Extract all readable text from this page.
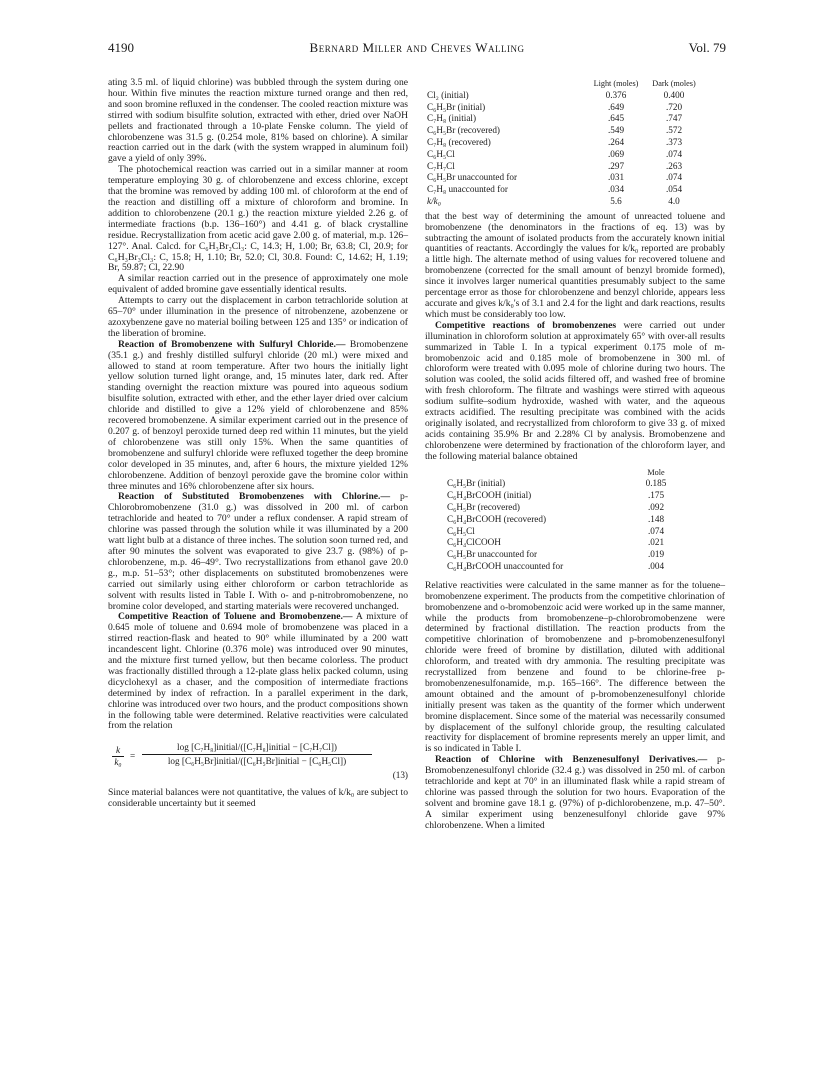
4190	Bernard Miller and Cheves Walling	Vol. 79

ating 3.5 ml. of liquid chlorine) was bubbled through the system during one hour. Within five minutes the reaction mixture turned orange and then red, and soon bromine refluxed in the condenser. The cooled reaction mixture was stirred with sodium bisulfite solution, extracted with ether, dried over NaOH pellets and fractionated through a 10-plate Fenske column. The yield of chlorobenzene was 31.5 g. (0.254 mole, 81% based on chlorine). A similar reaction carried out in the dark (with the system wrapped in aluminum foil) gave a yield of only 39%.

The photochemical reaction was carried out in a similar manner at room temperature employing 30 g. of chlorobenzene and excess chlorine, except that the bromine was removed by adding 100 ml. of chloroform at the end of the reaction and distilling off a mixture of chloroform and bromine. In addition to chlorobenzene (20.1 g.) the reaction mixture yielded 2.26 g. of intermediate fractions (b.p. 136–160°) and 4.41 g. of black crystalline residue. Recrystallization from acetic acid gave 2.00 g. of material, m.p. 126–127°. Anal. Calcd. for C₆H₃Br₂Cl₃: C, 14.3; H, 1.00; Br, 63.8; Cl, 20.9; for C₆H₃Br₃Cl₃: C, 15.8; H, 1.10; Br, 52.0; Cl, 30.8. Found: C, 14.62; H, 1.19; Br, 59.87; Cl, 22.90

A similar reaction carried out in the presence of approximately one mole equivalent of added bromine gave essentially identical results.

Attempts to carry out the displacement in carbon tetrachloride solution at 65–70° under illumination in the presence of nitrobenzene, azobenzene or azoxybenzene gave no material boiling between 125 and 135° or indication of the liberation of bromine.

Reaction of Bromobenzene with Sulfuryl Chloride.— Bromobenzene (35.1 g.) and freshly distilled sulfuryl chloride (20 ml.) were mixed and allowed to stand at room temperature. After two hours the initially light yellow solution turned light orange, and, 15 minutes later, dark red. After standing overnight the reaction mixture was poured into aqueous sodium bisulfite solution, extracted with ether, and the ether layer dried over calcium chloride and distilled to give a 12% yield of chlorobenzene and 85% recovered bromobenzene. A similar experiment carried out in the presence of 0.207 g. of benzoyl peroxide turned deep red within 11 minutes, but the yield of chlorobenzene was still only 15%. When the same quantities of bromobenzene and sulfuryl chloride were refluxed together the deep bromine color developed in 35 minutes, and, after 6 hours, the mixture yielded 12% chlorobenzene. Addition of benzoyl peroxide gave the bromine color within three minutes and 16% chlorobenzene after six hours.

Reaction of Substituted Bromobenzenes with Chlorine.— p-Chlorobromobenzene (31.0 g.) was dissolved in 200 ml. of carbon tetrachloride and heated to 70° under a reflux condenser. A rapid stream of chlorine was passed through the solution while it was illuminated by a 200 watt light bulb at a distance of three inches. The solution soon turned red, and after 90 minutes the solvent was evaporated to give 23.7 g. (98%) of p-chlorobenzene, m.p. 46–49°. Two recrystallizations from ethanol gave 20.0 g., m.p. 51–53°; other displacements on substituted bromobenzenes were carried out similarly using either chloroform or carbon tetrachloride as solvent with results listed in Table I. With o- and p-nitrobromobenzene, no bromine color developed, and starting materials were recovered unchanged.

Competitive Reaction of Toluene and Bromobenzene.— A mixture of 0.645 mole of toluene and 0.694 mole of bromobenzene was placed in a stirred reaction-flask and heated to 90° while illuminated by a 200 watt incandescent light. Chlorine (0.376 mole) was introduced over 90 minutes, and the mixture first turned yellow, but then became colorless. The product was fractionally distilled through a 12-plate glass helix packed column, using dicyclohexyl as a chaser, and the composition of intermediate fractions determined by index of refraction. In a parallel experiment in the dark, chlorine was introduced over two hours, and the product compositions shown in the following table were determined. Relative reactivities were calculated from the relation

k
k₀
=
log [C₇H₈]initial/([C₇H₈]initial − [C₇H₇Cl])
log [C₆H₅Br]initial/([C₆H₅Br]initial − [C₆H₅Cl])
(13)

Since material balances were not quantitative, the values of k/k₀ are subject to considerable uncertainty but it seemed

	Light (moles)	Dark (moles)
Cl₂ (initial)	0.376	0.400
C₆H₅Br (initial)	.649	.720
C₇H₈ (initial)	.645	.747
C₆H₅Br (recovered)	.549	.572
C₇H₈ (recovered)	.264	.373
C₆H₅Cl	.069	.074
C₇H₇Cl	.297	.263
C₆H₅Br unaccounted for	.031	.074
C₇H₈ unaccounted for	.034	.054
k/k₀	5.6	4.0

that the best way of determining the amount of unreacted toluene and bromobenzene (the denominators in the fractions of eq. 13) was by subtracting the amount of isolated products from the accurately known initial quantities of reactants. Accordingly the values for k/k₀ reported are probably a little high. The alternate method of using values for recovered toluene and bromobenzene (corrected for the small amount of benzyl bromide formed), since it involves larger numerical quantities presumably subject to the same percentage error as those for chlorobenzene and benzyl chloride, appears less accurate and gives k/k₀'s of 3.1 and 2.4 for the light and dark reactions, results which must be considerably too low.

Competitive reactions of bromobenzenes were carried out under illumination in chloroform solution at approximately 65° with over-all results summarized in Table I. In a typical experiment 0.175 mole of m-bromobenzoic acid and 0.185 mole of bromobenzene in 300 ml. of chloroform were treated with 0.095 mole of chlorine during two hours. The solution was cooled, the solid acids filtered off, and washed free of bromine with fresh chloroform. The filtrate and washings were stirred with aqueous sodium sulfite–sodium hydroxide, washed with water, and the aqueous extracts acidified. The resulting precipitate was combined with the acids originally isolated, and recrystallized from chloroform to give 33 g. of mixed acids containing 35.9% Br and 2.28% Cl by analysis. Bromobenzene and chlorobenzene were determined by fractionation of the chloroform layer, and the following material balance obtained

	Mole
C₆H₅Br (initial)	0.185
C₆H₄BrCOOH (initial)	.175
C₆H₅Br (recovered)	.092
C₆H₄BrCOOH (recovered)	.148
C₆H₅Cl	.074
C₆H₄ClCOOH	.021
C₆H₅Br unaccounted for	.019
C₆H₄BrCOOH unaccounted for	.004

Relative reactivities were calculated in the same manner as for the toluene–bromobenzene experiment. The products from the competitive chlorination of bromobenzene and o-bromobenzoic acid were worked up in the same manner, while the products from bromobenzene–p-chlorobromobenzene were determined by fractional distillation. The reaction products from the competitive chlorination of bromobenzene and p-bromobenzenesulfonyl chloride were freed of bromine by distillation, diluted with additional chloroform, and treated with dry ammonia. The resulting precipitate was recrystallized from benzene and found to be chlorine-free p-bromobenzenesulfonamide, m.p. 165–166°. The difference between the amount obtained and the amount of p-bromobenzenesulfonyl chloride initially present was taken as the quantity of the former which underwent bromine displacement. Since some of the material was necessarily consumed by displacement of the sulfonyl chloride group, the resulting calculated reactivity for displacement of bromine represents merely an upper limit, and is so indicated in Table I.

Reaction of Chlorine with Benzenesulfonyl Derivatives.— p-Bromobenzenesulfonyl chloride (32.4 g.) was dissolved in 250 ml. of carbon tetrachloride and kept at 70° in an illuminated flask while a rapid stream of chlorine was passed through the solution for two hours. Evaporation of the solvent and bromine gave 18.1 g. (97%) of p-dichlorobenzene, m.p. 47–50°. A similar experiment using benzenesulfonyl chloride gave 97% chlorobenzene. When a limited
